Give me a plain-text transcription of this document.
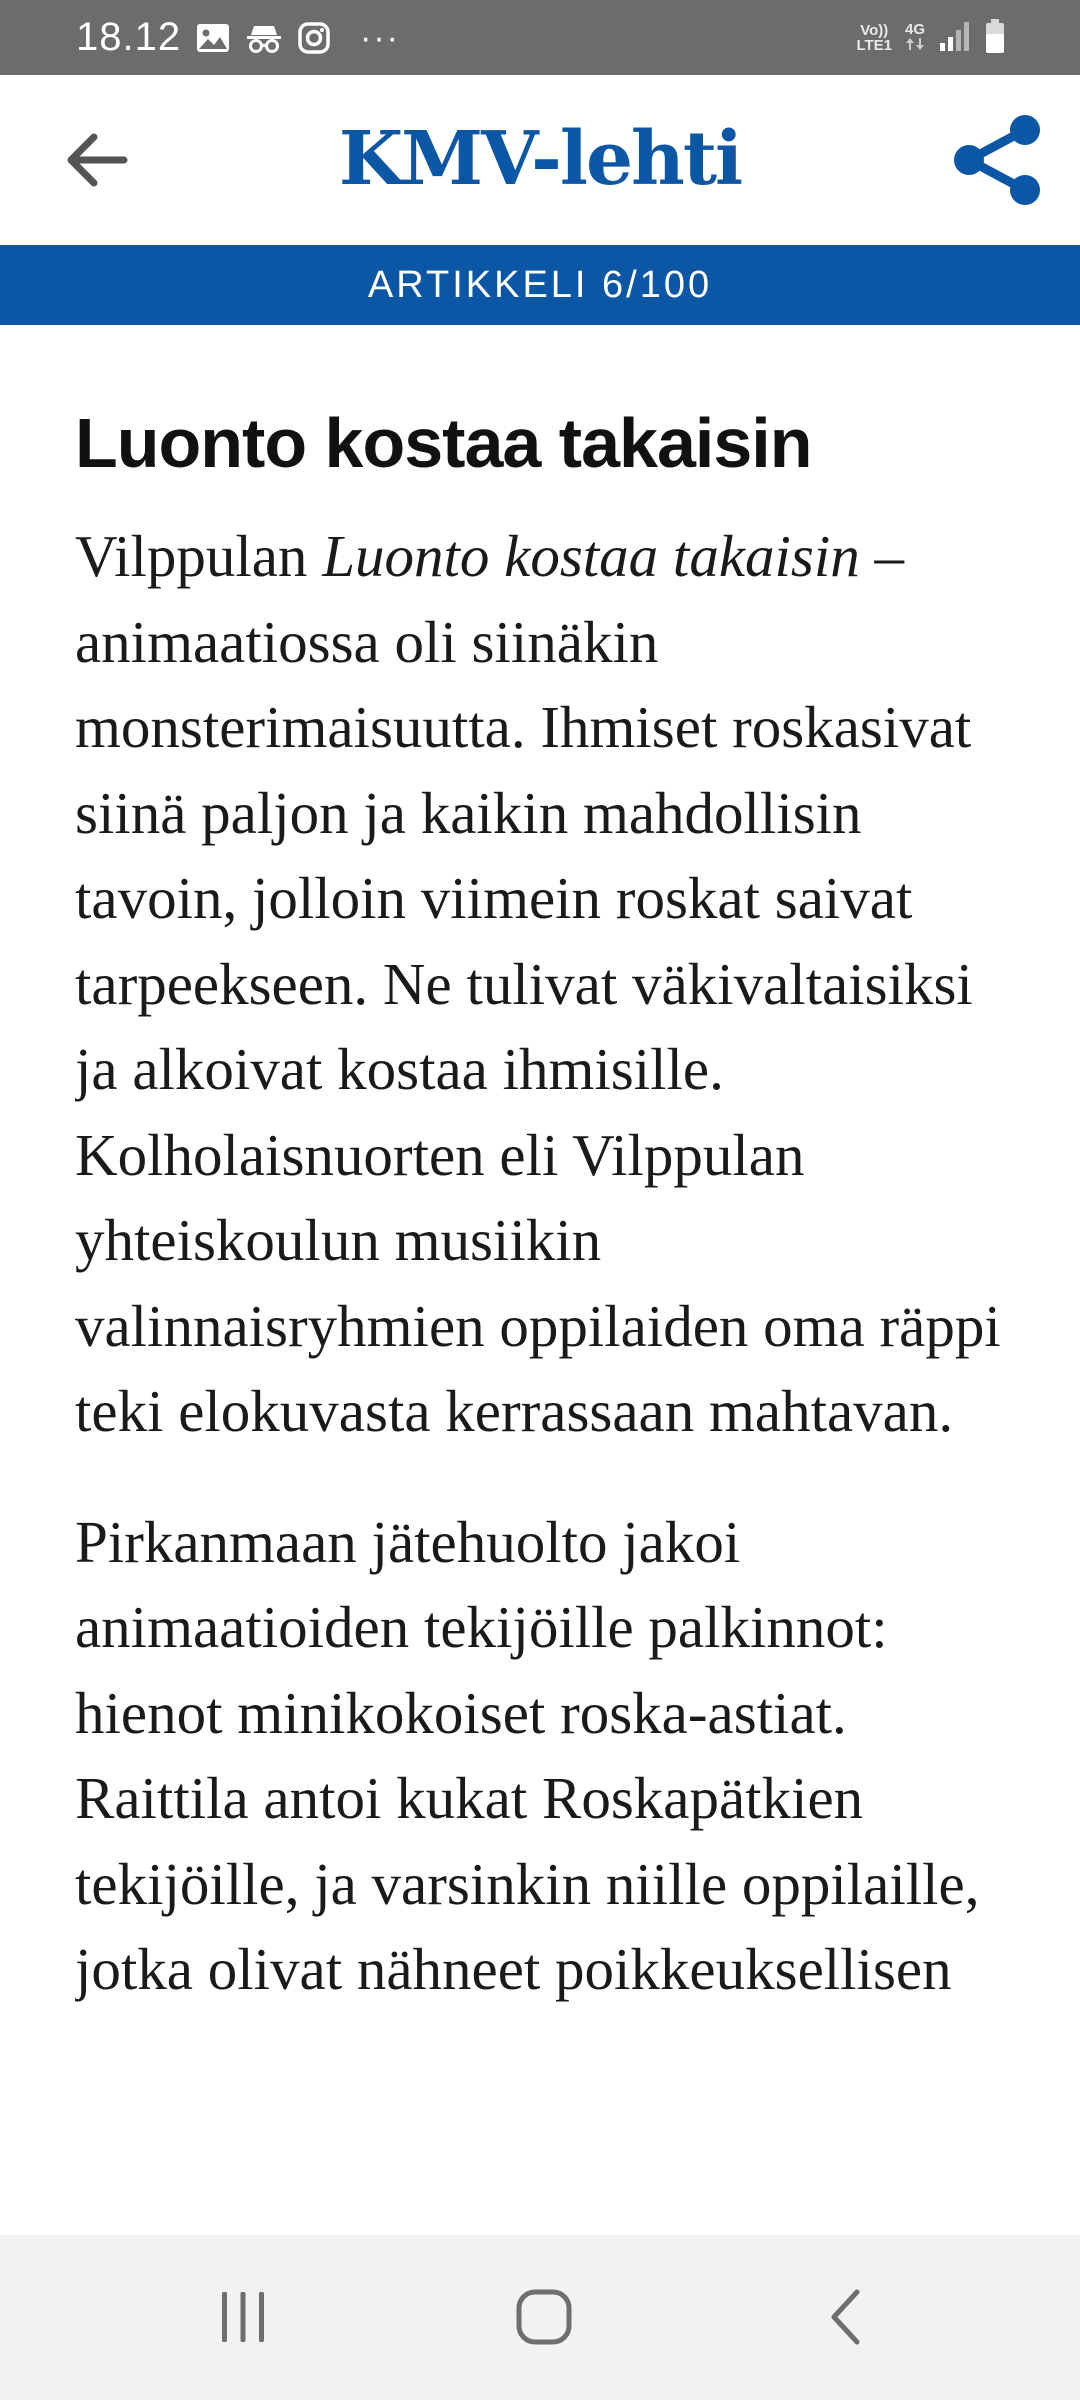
18.12	···	Vo))
LTE1
4G
KMV-lehti
ARTIKKELI 6/100
Luonto kostaa takaisin

Vilppulan Luonto kostaa takaisin –animaatiossa oli siinäkin monsterimaisuutta. Ihmiset roskasivat siinä paljon ja kaikin mahdollisin tavoin, jolloin viimein roskat saivat tarpeekseen. Ne tulivat väkivaltaisiksi ja alkoivat kostaa ihmisille. Kolholaisnuorten eli Vilppulan yhteiskoulun musiikin valinnaisryhmien oppilaiden oma räppi teki elokuvasta kerrassaan mahtavan.

Pirkanmaan jätehuolto jakoi animaatioiden tekijöille palkinnot: hienot minikokoiset roska-astiat. Raittila antoi kukat Roskapätkien tekijöille, ja varsinkin niille oppilaille, jotka olivat nähneet poikkeuksellisen
